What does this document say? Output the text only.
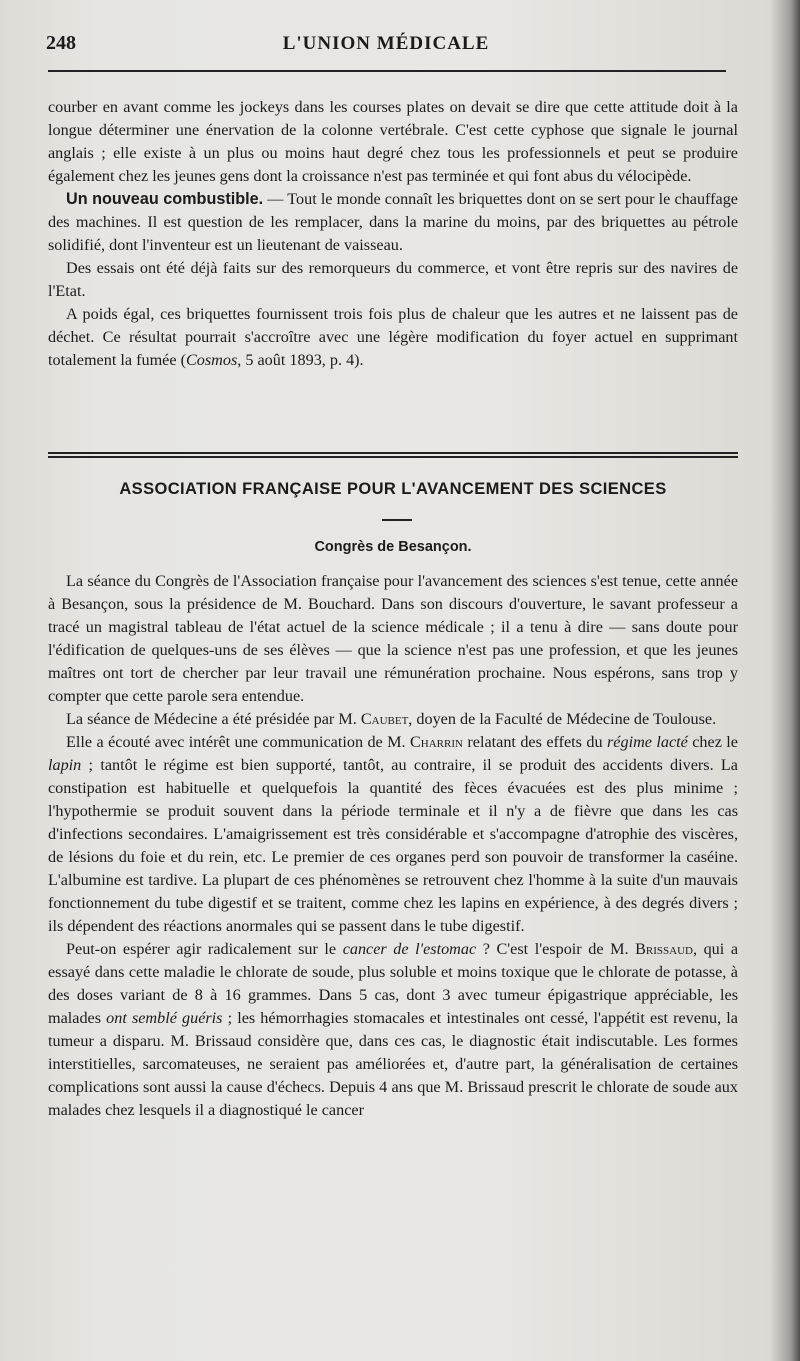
248	L'UNION MÉDICALE

courber en avant comme les jockeys dans les courses plates on devait se dire que cette attitude doit à la longue déterminer une énervation de la colonne vertébrale. C'est cette cyphose que signale le journal anglais ; elle existe à un plus ou moins haut degré chez tous les professionnels et peut se produire également chez les jeunes gens dont la croissance n'est pas terminée et qui font abus du vélocipède.

Un nouveau combustible. — Tout le monde connaît les briquettes dont on se sert pour le chauffage des machines. Il est question de les remplacer, dans la marine du moins, par des briquettes au pétrole solidifié, dont l'inventeur est un lieutenant de vaisseau.

Des essais ont été déjà faits sur des remorqueurs du commerce, et vont être repris sur des navires de l'Etat.

A poids égal, ces briquettes fournissent trois fois plus de chaleur que les autres et ne laissent pas de déchet. Ce résultat pourrait s'accroître avec une légère modification du foyer actuel en supprimant totalement la fumée (Cosmos, 5 août 1893, p. 4).

ASSOCIATION FRANÇAISE POUR L'AVANCEMENT DES SCIENCES
Congrès de Besançon.

La séance du Congrès de l'Association française pour l'avancement des sciences s'est tenue, cette année à Besançon, sous la présidence de M. Bouchard. Dans son discours d'ouverture, le savant professeur a tracé un magistral tableau de l'état actuel de la science médicale ; il a tenu à dire — sans doute pour l'édification de quelques-uns de ses élèves — que la science n'est pas une profession, et que les jeunes maîtres ont tort de chercher par leur travail une rémunération prochaine. Nous espérons, sans trop y compter que cette parole sera entendue.

La séance de Médecine a été présidée par M. Caubet, doyen de la Faculté de Médecine de Toulouse.

Elle a écouté avec intérêt une communication de M. Charrin relatant des effets du régime lacté chez le lapin ; tantôt le régime est bien supporté, tantôt, au contraire, il se produit des accidents divers. La constipation est habituelle et quelquefois la quantité des fèces évacuées est des plus minime ; l'hypothermie se produit souvent dans la période terminale et il n'y a de fièvre que dans les cas d'infections secondaires. L'amaigrissement est très considérable et s'accompagne d'atrophie des viscères, de lésions du foie et du rein, etc. Le premier de ces organes perd son pouvoir de transformer la caséine. L'albumine est tardive. La plupart de ces phénomènes se retrouvent chez l'homme à la suite d'un mauvais fonctionnement du tube digestif et se traitent, comme chez les lapins en expérience, à des degrés divers ; ils dépendent des réactions anormales qui se passent dans le tube digestif.

Peut-on espérer agir radicalement sur le cancer de l'estomac ? C'est l'espoir de M. Brissaud, qui a essayé dans cette maladie le chlorate de soude, plus soluble et moins toxique que le chlorate de potasse, à des doses variant de 8 à 16 grammes. Dans 5 cas, dont 3 avec tumeur épigastrique appréciable, les malades ont semblé guéris ; les hémorrhagies stomacales et intestinales ont cessé, l'appétit est revenu, la tumeur a disparu. M. Brissaud considère que, dans ces cas, le diagnostic était indiscutable. Les formes interstitielles, sarcomateuses, ne seraient pas améliorées et, d'autre part, la généralisation de certaines complications sont aussi la cause d'échecs. Depuis 4 ans que M. Brissaud prescrit le chlorate de soude aux malades chez lesquels il a diagnostiqué le cancer
